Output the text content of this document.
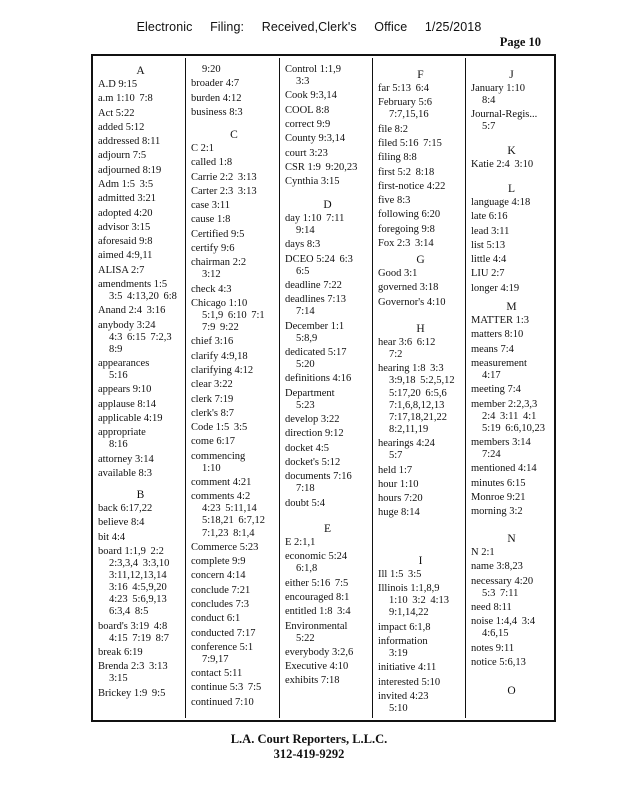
Electronic Filing: Received,Clerk's Office 1/25/2018
Page 10
A
A.D 9:15
a.m 1:10 7:8
Act 5:22
added 5:12
addressed 8:11
adjourn 7:5
adjourned 8:19
Adm 1:5 3:5
admitted 3:21
adopted 4:20
advisor 3:15
aforesaid 9:8
aimed 4:9,11
ALISA 2:7
amendments 1:5
3:5 4:13,20 6:8
Anand 2:4 3:16
anybody 3:24
4:3 6:15 7:2,3
8:9
appearances
5:16
appears 9:10
applause 8:14
applicable 4:19
appropriate
8:16
attorney 3:14
available 8:3
B
back 6:17,22
believe 8:4
bit 4:4
board 1:1,9 2:2
2:3,3,4 3:3,10
3:11,12,13,14
3:16 4:5,9,20
4:23 5:6,9,13
6:3,4 8:5
board's 3:19 4:8
4:15 7:19 8:7
break 6:19
Brenda 2:3 3:13
3:15
Brickey 1:9 9:5
9:20
broader 4:7
burden 4:12
business 8:3
C
C 2:1
called 1:8
Carrie 2:2 3:13
Carter 2:3 3:13
case 3:11
cause 1:8
Certified 9:5
certify 9:6
chairman 2:2
3:12
check 4:3
Chicago 1:10
5:1,9 6:10 7:1
7:9 9:22
chief 3:16
clarify 4:9,18
clarifying 4:12
clear 3:22
clerk 7:19
clerk's 8:7
Code 1:5 3:5
come 6:17
commencing
1:10
comment 4:21
comments 4:2
4:23 5:11,14
5:18,21 6:7,12
7:1,23 8:1,4
Commerce 5:23
complete 9:9
concern 4:14
conclude 7:21
concludes 7:3
conduct 6:1
conducted 7:17
conference 5:1
7:9,17
contact 5:11
continue 5:3 7:5
continued 7:10
Control 1:1,9
3:3
Cook 9:3,14
COOL 8:8
correct 9:9
County 9:3,14
court 3:23
CSR 1:9 9:20,23
Cynthia 3:15
D
day 1:10 7:11
9:14
days 8:3
DCEO 5:24 6:3
6:5
deadline 7:22
deadlines 7:13
7:14
December 1:1
5:8,9
dedicated 5:17
5:20
definitions 4:16
Department
5:23
develop 3:22
direction 9:12
docket 4:5
docket's 5:12
documents 7:16
7:18
doubt 5:4
E
E 2:1,1
economic 5:24
6:1,8
either 5:16 7:5
encouraged 8:1
entitled 1:8 3:4
Environmental
5:22
everybody 3:2,6
Executive 4:10
exhibits 7:18
F
far 5:13 6:4
February 5:6
7:7,15,16
file 8:2
filed 5:16 7:15
filing 8:8
first 5:2 8:18
first-notice 4:22
five 8:3
following 6:20
foregoing 9:8
Fox 2:3 3:14
G
Good 3:1
governed 3:18
Governor's 4:10
H
hear 3:6 6:12
7:2
hearing 1:8 3:3
3:9,18 5:2,5,12
5:17,20 6:5,6
7:1,6,8,12,13
7:17,18,21,22
8:2,11,19
hearings 4:24
5:7
held 1:7
hour 1:10
hours 7:20
huge 8:14
I
Ill 1:5 3:5
Illinois 1:1,8,9
1:10 3:2 4:13
9:1,14,22
impact 6:1,8
information
3:19
initiative 4:11
interested 5:10
invited 4:23
5:10
J
January 1:10
8:4
Journal-Regis...
5:7
K
Katie 2:4 3:10
L
language 4:18
late 6:16
lead 3:11
list 5:13
little 4:4
LIU 2:7
longer 4:19
M
MATTER 1:3
matters 8:10
means 7:4
measurement
4:17
meeting 7:4
member 2:2,3,3
2:4 3:11 4:1
5:19 6:6,10,23
members 3:14
7:24
mentioned 4:14
minutes 6:15
Monroe 9:21
morning 3:2
N
N 2:1
name 3:8,23
necessary 4:20
5:3 7:11
need 8:11
noise 1:4,4 3:4
4:6,15
notes 9:11
notice 5:6,13
O
L.A. Court Reporters, L.L.C.
312-419-9292
